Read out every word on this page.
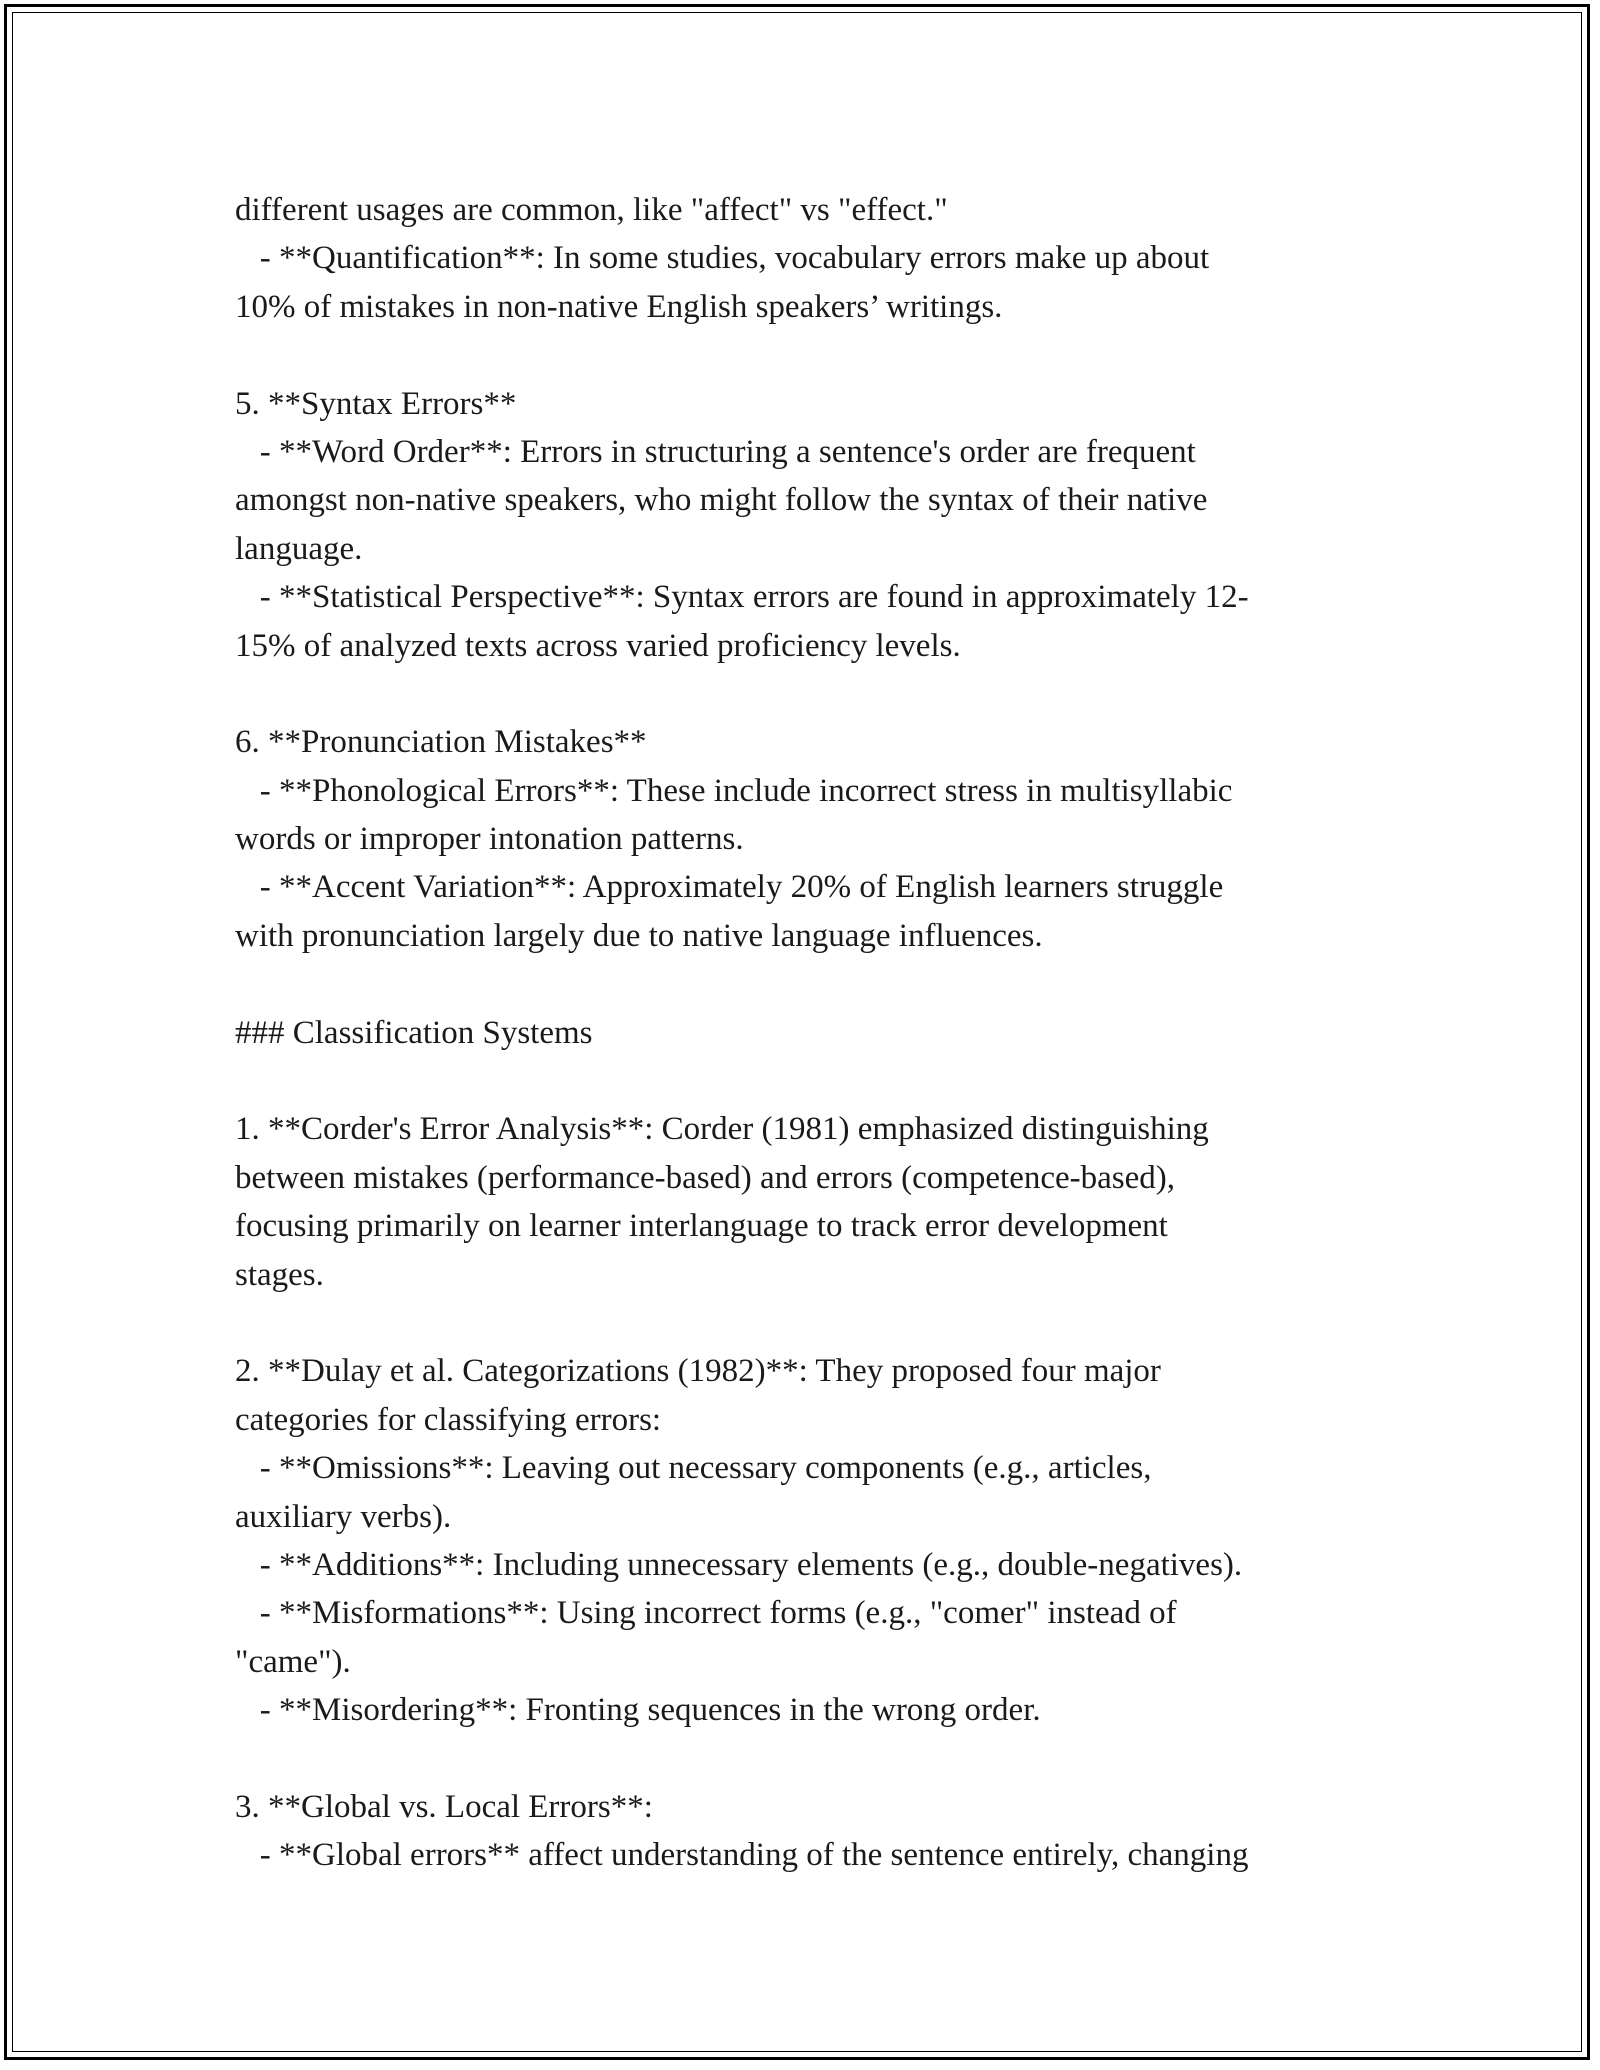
different usages are common, like "affect" vs "effect."
- **Quantification**: In some studies, vocabulary errors make up about
10% of mistakes in non-native English speakers’ writings.
5. **Syntax Errors**
- **Word Order**: Errors in structuring a sentence's order are frequent
amongst non-native speakers, who might follow the syntax of their native
language.
- **Statistical Perspective**: Syntax errors are found in approximately 12-
15% of analyzed texts across varied proficiency levels.
6. **Pronunciation Mistakes**
- **Phonological Errors**: These include incorrect stress in multisyllabic
words or improper intonation patterns.
- **Accent Variation**: Approximately 20% of English learners struggle
with pronunciation largely due to native language influences.
### Classification Systems
1. **Corder's Error Analysis**: Corder (1981) emphasized distinguishing
between mistakes (performance-based) and errors (competence-based),
focusing primarily on learner interlanguage to track error development
stages.
2. **Dulay et al. Categorizations (1982)**: They proposed four major
categories for classifying errors:
- **Omissions**: Leaving out necessary components (e.g., articles,
auxiliary verbs).
- **Additions**: Including unnecessary elements (e.g., double-negatives).
- **Misformations**: Using incorrect forms (e.g., "comer" instead of
"came").
- **Misordering**: Fronting sequences in the wrong order.
3. **Global vs. Local Errors**:
- **Global errors** affect understanding of the sentence entirely, changing
